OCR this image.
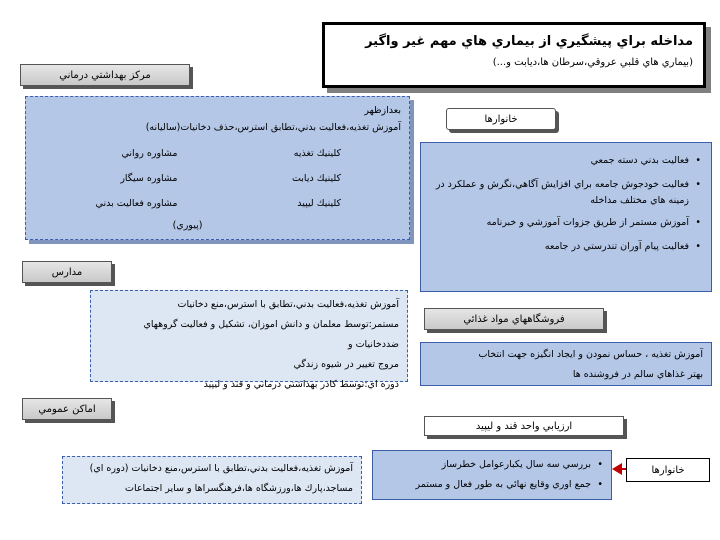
مداخله براي پيشگيري از بيماري هاي مهم غير واگير
(بيماري هاي قلبي عروقي،سرطان ها،ديابت و...)
مركز بهداشتي درماني
بعدازظهر
آموزش تغذيه،فعاليت بدني،تطابق استرس،حذف دخانيات(ساليانه)
كلينيك تغذيه	مشاوره رواني
كلينيك ديابت	مشاوره سيگار
كلينيك ليپيد	مشاوره فعاليت بدني
(پيوري)
خانوارها
• فعاليت بدني دسته جمعي
• فعاليت خودجوش جامعه براي افزايش آگاهي،نگرش و عملكرد در زمينه هاي مختلف مداخله
• آموزش مستمر از طريق جزوات آموزشي و خبرنامه
• فعاليت پيام آوران تندرستي در جامعه
مدارس
آموزش تغذيه،فعاليت بدني،تطابق با استرس،منع دخانيات
مستمر:توسط معلمان و دانش اموزان، تشكيل و فعاليت گروههاي ضددخانيات و
مروج تغيير در شيوه زندگي
دوره اي:توسط كادر بهداشتي درماني و قند و ليپيد
فروشگاههاي مواد غذائي
آموزش تغذيه ، حساس نمودن و ايجاد انگيزه جهت انتخاب
بهتر غذاهاي سالم در فروشنده ها
اماكن عمومي
ارزيابي واحد قند و ليپيد
آموزش تغذيه،فعاليت بدني،تطابق با استرس،منع دخانيات (دوره اي)
مساجد،پارك ها،ورزشگاه ها،فرهنگسراها و ساير اجتماعات
• بررسي سه سال يكبارعوامل خطرساز
• جمع اوري وقايع نهائي به طور فعال و مستمر
خانوارها
